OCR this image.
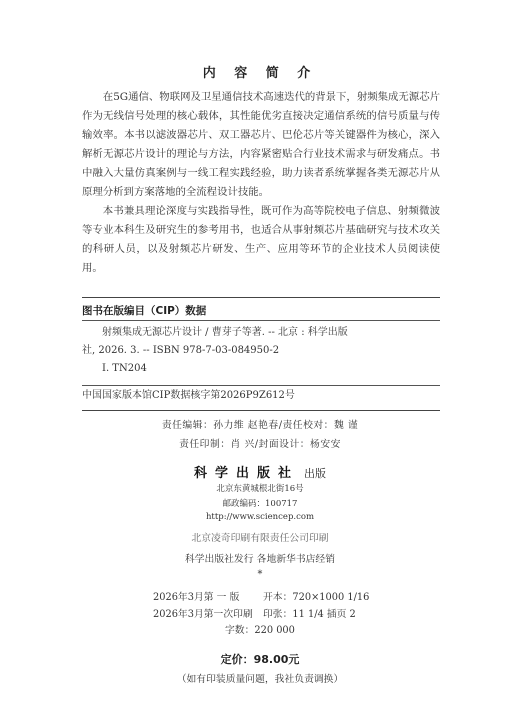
内 容 简 介

在5G通信、物联网及卫星通信技术高速迭代的背景下，射频集成无源芯片作为无线信号处理的核心载体，其性能优劣直接决定通信系统的信号质量与传输效率。本书以滤波器芯片、双工器芯片、巴伦芯片等关键器件为核心，深入解析无源芯片设计的理论与方法，内容紧密贴合行业技术需求与研发痛点。书中融入大量仿真案例与一线工程实践经验，助力读者系统掌握各类无源芯片从原理分析到方案落地的全流程设计技能。

本书兼具理论深度与实践指导性，既可作为高等院校电子信息、射频微波等专业本科生及研究生的参考用书，也适合从事射频芯片基础研究与技术攻关的科研人员，以及射频芯片研发、生产、应用等环节的企业技术人员阅读使用。

图书在版编目（CIP）数据
射频集成无源芯片设计 / 曹芽子等著. -- 北京 : 科学出版
社, 2026. 3. -- ISBN 978-7-03-084950-2
Ⅰ. TN204
中国国家版本馆CIP数据核字第2026P9Z612号
责任编辑：孙力维 赵艳春/责任校对：魏 谨
责任印制：肖 兴/封面设计：杨安安
科学出版社 出版
北京东黄城根北街16号
邮政编码：100717
http://www.sciencep.com
北京凌奇印刷有限责任公司印刷
科学出版社发行 各地新华书店经销
*
2026年3月第 一 版 开本：720×1000 1/16
2026年3月第一次印刷 印张：11 1/4 插页 2
字数：220 000
定价：98.00元
（如有印装质量问题，我社负责调换）
